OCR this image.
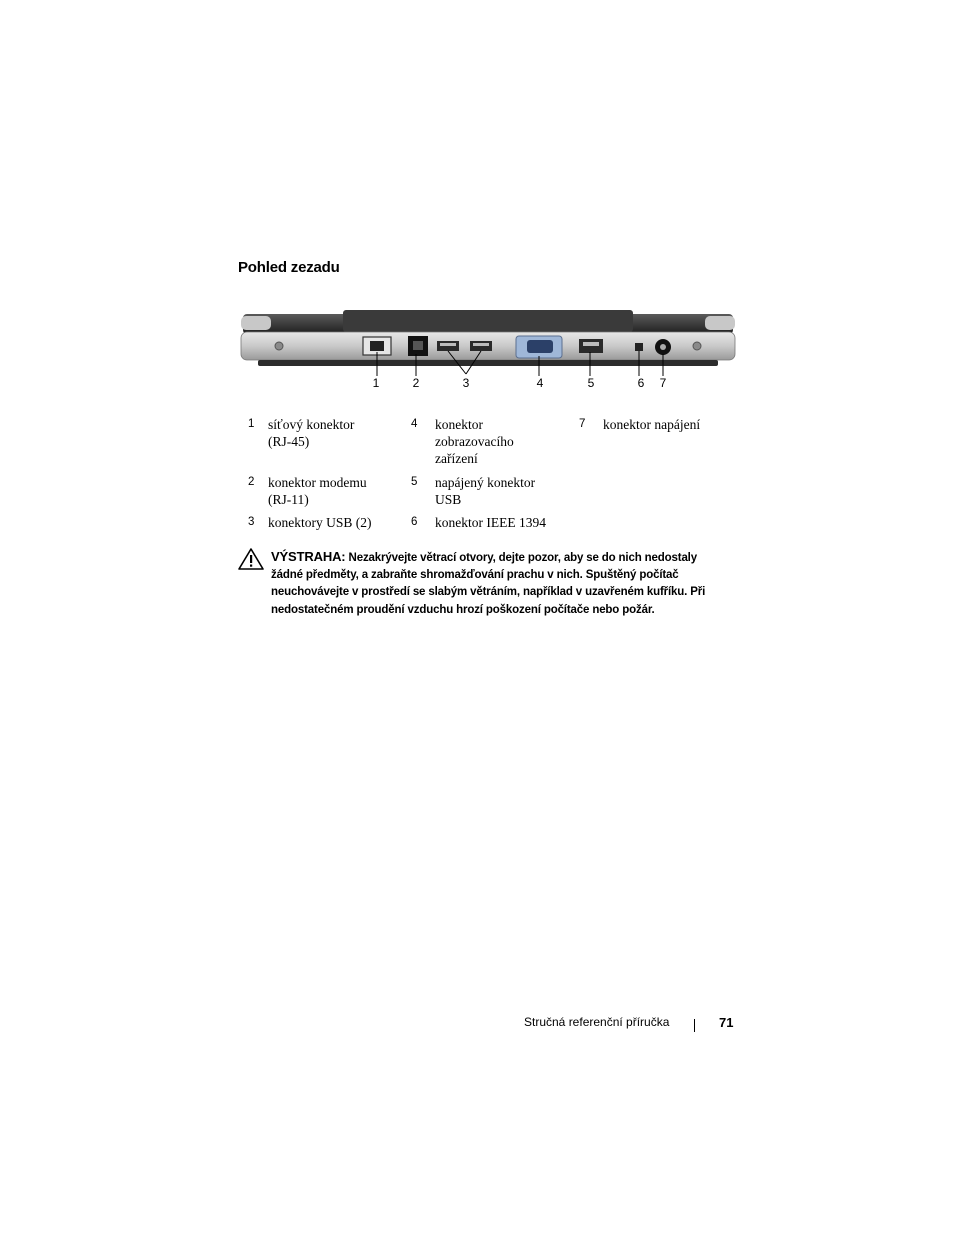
Pohled zezadu
1	2	3	4	5	6 7
1 síťový konektor (RJ-45)
2 konektor modemu (RJ-11)
3 konektory USB (2)
4 konektor zobrazovacího zařízení
5 napájený konektor USB
6 konektor IEEE 1394
7 konektor napájení
VÝSTRAHA: Nezakrývejte větrací otvory, dejte pozor, aby se do nich nedostaly
žádné předměty, a zabraňte shromažďování prachu v nich. Spuštěný počítač
neuchovávejte v prostředí se slabým větráním, například v uzavřeném kufříku. Při
nedostatečném proudění vzduchu hrozí poškození počítače nebo požár.
Stručná referenční příručka	71
